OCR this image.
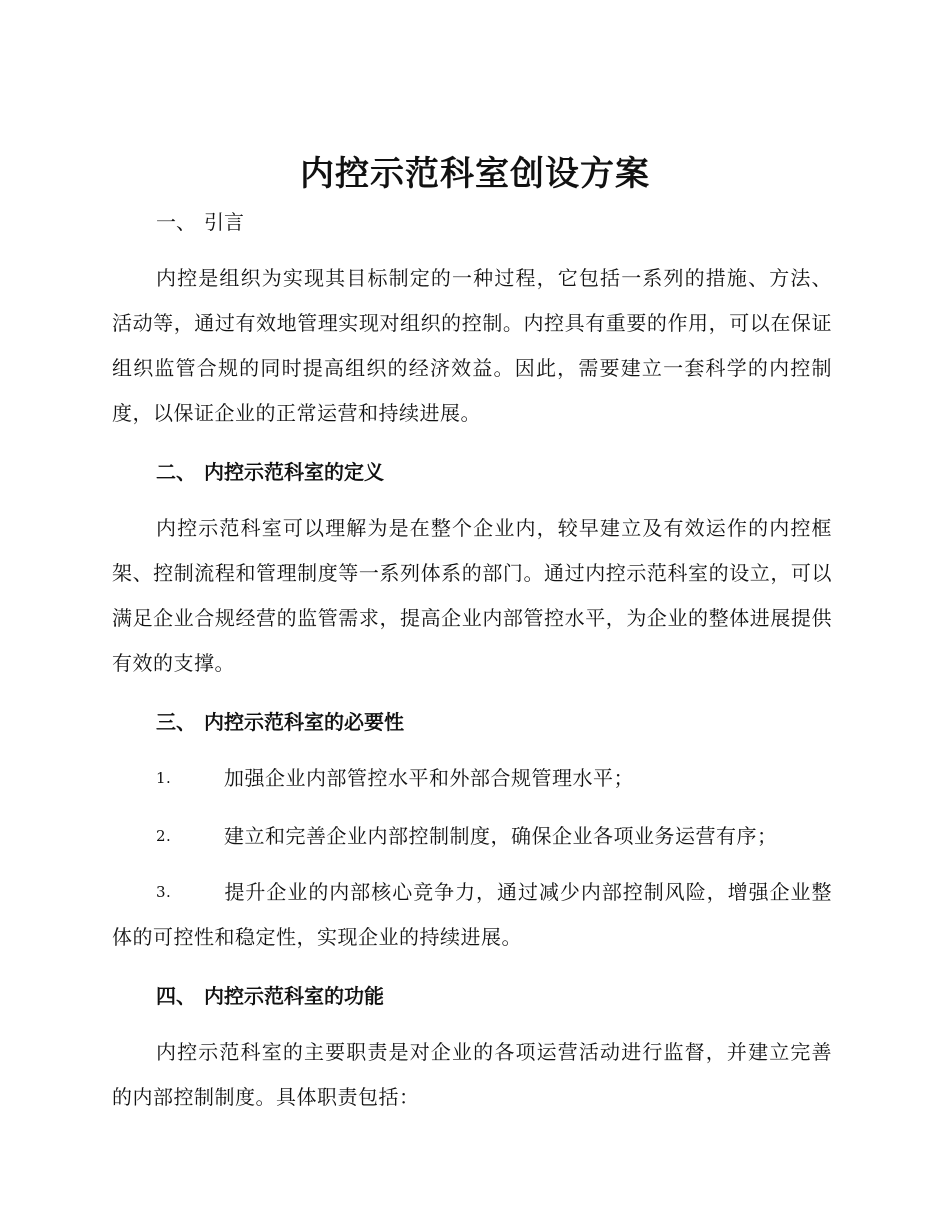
内控示范科室创设方案
一、 引言
内控是组织为实现其目标制定的一种过程，它包括一系列的措施、方法、活动等，通过有效地管理实现对组织的控制。内控具有重要的作用，可以在保证组织监管合规的同时提高组织的经济效益。因此，需要建立一套科学的内控制度，以保证企业的正常运营和持续进展。
二、 内控示范科室的定义
内控示范科室可以理解为是在整个企业内，较早建立及有效运作的内控框架、控制流程和管理制度等一系列体系的部门。通过内控示范科室的设立，可以满足企业合规经营的监管需求，提高企业内部管控水平，为企业的整体进展提供有效的支撑。
三、 内控示范科室的必要性
1.	加强企业内部管控水平和外部合规管理水平；
2.	建立和完善企业内部控制制度，确保企业各项业务运营有序；
3.	提升企业的内部核心竞争力，通过减少内部控制风险，增强企业整体的可控性和稳定性，实现企业的持续进展。
四、 内控示范科室的功能
内控示范科室的主要职责是对企业的各项运营活动进行监督，并建立完善的内部控制制度。具体职责包括：
